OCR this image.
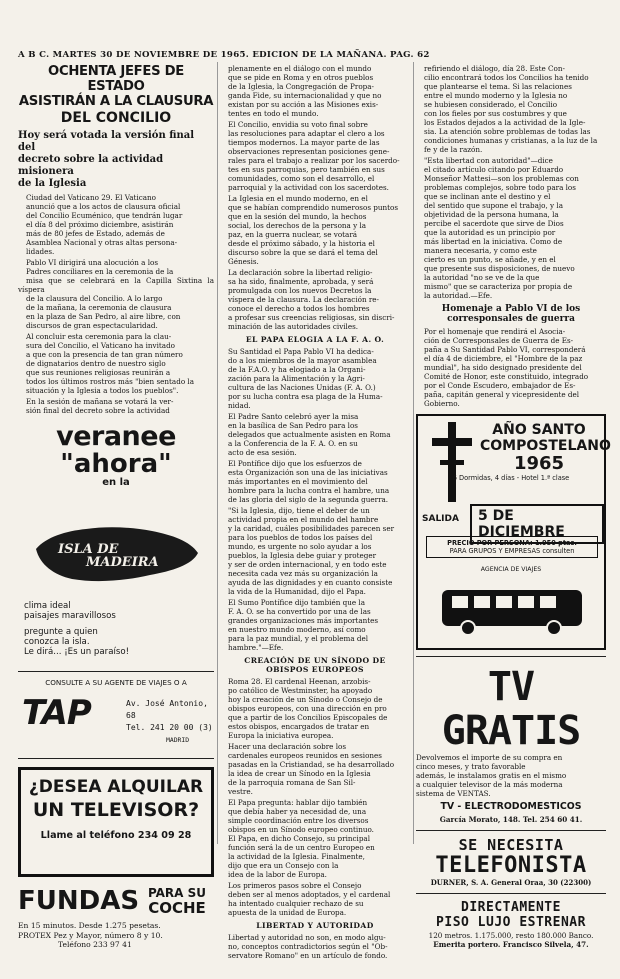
A B C. MARTES 30 DE NOVIEMBRE DE 1965. EDICION DE LA MAÑANA. PAG. 62
OCHENTA JEFES DE ESTADO
ASISTIRÁN A LA CLAUSURA
DEL CONCILIO
Hoy será votada la versión final del
decreto sobre la actividad misionera
de la Iglesia

Ciudad del Vaticano 29. El Vaticano
anunció que a los actos de clausura oficial
del Concilio Ecuménico, que tendrán lugar
el día 8 del próximo diciembre, asistirán
más de 80 jefes de Estado, además de
Asamblea Nacional y otras altas persona-
lidades.

Pablo VI dirigirá una alocución a los
Padres conciliares en la ceremonia de la
misa que se celebrará en la Capilla Sixtina la víspera
de la clausura del Concilio. A lo largo
de la mañana, la ceremonia de clausura
en la plaza de San Pedro, al aire libre, con
discursos de gran espectacularidad.

Al concluir esta ceremonia para la clau-
sura del Concilio, el Vaticano ha invitado
a que con la presencia de tan gran número
de dignatarios dentro de nuestro siglo
que sus reuniones religiosas reunirán a
todos los últimos rostros más "bien sentado la
situación y la Iglesia a todos los pueblos".

En la sesión de mañana se votará la ver-
sión final del decreto sobre la actividad

veranee
"ahora"
en la
ISLA DE
MADEIRA
clima ideal
paisajes maravillosos
pregunte a quien
conozca la isla.
Le dirá... ¡Es un paraíso!
CONSULTE A SU AGENTE DE VIAJES O A
TAP	Av. José Antonio, 68
Tel. 241 20 00 (3)
MADRID
¿DESEA ALQUILAR
UN TELEVISOR?
Llame al teléfono 234 09 28
FUNDAS PARA SU
COCHE
En 15 minutos. Desde 1.275 pesetas.
PROTEX Pez y Mayor, número 8 y 10.
Teléfono 233 97 41

plenamente en el diálogo con el mundo
que se pide en Roma y en otros pueblos
de la Iglesia, la Congregación de Propa-
ganda Fide, su internacionalidad y que no
existan por su acción a las Misiones exis-
tentes en todo el mundo.

El Concilio, envidia su voto final sobre
las resoluciones para adaptar el clero a los
tiempos modernos. La mayor parte de las
observaciones representan posiciones gene-
rales para el trabajo a realizar por los sacerdo-
tes en sus parroquias, pero también en sus
comunidades, como son el desarrollo, el
parroquial y la actividad con los sacerdotes.

La Iglesia en el mundo moderno, en el
que se habían comprendido numerosos puntos
que en la sesión del mundo, la hechos
social, los derechos de la persona y la
paz, en la guerra nuclear, se votará
desde el próximo sábado, y la historia el
discurso sobre la que se dará el tema del
Génesis.

La declaración sobre la libertad religio-
sa ha sido, finalmente, aprobada, y será
promulgada con los nuevos Decretos la
víspera de la clausura. La declaración re-
conoce el derecho a todos los hombres
a profesar sus creencias religiosas, sin discri-
minación de las autoridades civiles.

EL PAPA ELOGIA A LA F. A. O.

Su Santidad el Papa Pablo VI ha dedica-
do a los miembros de la mayor asamblea
de la F.A.O. y ha elogiado a la Organi-
zación para la Alimentación y la Agri-
cultura de las Naciones Unidas (F. A. O.)
por su lucha contra esa plaga de la Huma-
nidad.

El Padre Santo celebró ayer la misa
en la basílica de San Pedro para los
delegados que actualmente asisten en Roma
a la Conferencia de la F. A. O. en su
acto de esa sesión.

El Pontífice dijo que los esfuerzos de
esta Organización son una de las iniciativas
más importantes en el movimiento del
hombre para la lucha contra el hambre, una
de las gloria del siglo de la segunda guerra.

"Si la Iglesia, dijo, tiene el deber de un
actividad propia en el mundo del hambre
y la caridad, cuáles posibilidades parecen ser
para los pueblos de todos los países del
mundo, es urgente no solo ayudar a los
pueblos, la Iglesia debe guiar y proteger
y ser de orden internacional, y en todo este
necesita cada vez más su organización la
ayuda de las dignidades y en cuanto consiste
la vida de la Humanidad, dijo el Papa.

El Sumo Pontífice dijo también que la
F. A. O. se ha convertido por una de las
grandes organizaciones más importantes
en nuestro mundo moderno, así como
para la paz mundial, y el problema del
hambre."—Efe.

CREACIÓN DE UN SÍNODO DE
OBISPOS EUROPEOS

Roma 28. El cardenal Heenan, arzobis-
po católico de Westminster, ha apoyado
hoy la creación de un Sínodo o Consejo de
obispos europeos, con una dirección en pro
que a partir de los Concilios Episcopales de
estos obispos, encargados de tratar en
Europa la iniciativa europea.

Hacer una declaración sobre los
cardenales europeos reunidos en sesiones
pasadas en la Cristiandad, se ha desarrollado
la idea de crear un Sínodo en la Iglesia
de la parroquia romana de San Sil-
vestre.

El Papa pregunta: hablar dijo también
que debía haber ya necesidad de, una
simple coordinación entre los diversos
obispos en un Sínodo europeo continuo.
El Papa, en dicho Consejo, su principal
función será la de un centro Europeo en
la actividad de la Iglesia. Finalmente,
dijo que era un Consejo con la
idea de la labor de Europa.

Los primeros pasos sobre el Consejo
deben ser al menos adoptados, y el cardenal
ha intentado cualquier rechazo de su
apuesta de la unidad de Europa.

LIBERTAD Y AUTORIDAD

Libertad y autoridad no son, en modo algu-
no, conceptos contradictorios según el "Ob-
servatore Romano" en un artículo de fondo.

refiriendo el diálogo, día 28. Este Con-
cilio encontrará todos los Concilios ha tenido
que plantearse el tema. Si las relaciones
entre el mundo moderno y la Iglesia no
se hubiesen considerado, el Concilio
con los fieles por sus costumbres y que
los Estados dejados a la actividad de la Igle-
sia. La atención sobre problemas de todas las
condiciones humanas y cristianas, a la luz de la
fe y de la razón.

"Esta libertad con autoridad"—dice
el citado artículo citando por Eduardo
Monseñor Mattesi—son los problemas con
problemas complejos, sobre todo para los
que se inclinan ante el destino y el
del sentido que supone el trabajo, y la
objetividad de la persona humana, la
percibe el sacerdote que sirve de Dios
que la autoridad es un principio por
más libertad en la iniciativa. Como de
manera necesaria, y como este
cierto es un punto, se añade, y en el
que presente sus disposiciones, de nuevo
la autoridad "no se ve de la que
mismo" que se caracteriza por propia de
la autoridad.—Efe.

Homenaje a Pablo VI de los
corresponsales de guerra

Por el homenaje que rendirá el Asocia-
ción de Corresponsales de Guerra de Es-
paña a Su Santidad Pablo VI, corresponderá
el día 4 de diciembre, el "Hombre de la paz
mundial", ha sido designado presidente del
Comité de Honor, este constituido, integrado
por el Conde Escudero, embajador de Es-
paña, capitán general y vicepresidente del
Gobierno.

AÑO SANTO
COMPOSTELANO
1965
6 Dormidas, 4 días - Hotel 1.ª clase
SALIDA	5 DE DICIEMBRE
PRECIO POR PERSONA: 1.950 ptas.
PARA GRUPOS Y EMPRESAS consulten
AGENCIA DE VIAJES
TV GRATIS
Devolvemos el importe de su compra en
cinco meses, y trato favorable
además, le instalamos gratis en el mismo
a cualquier televisor de la más moderna
sistema de VENTAS.
TV - ELECTRODOMESTICOS
García Morato, 148. Tel. 254 60 41.
SE NECESITA
TELEFONISTA
DURNER, S. A. General Oraa, 30 (22300)
DIRECTAMENTE
PISO LUJO ESTRENAR
120 metros. 1.175.000, resto 180.000 Banco.
Emerita portero. Francisco Silvela, 47.
